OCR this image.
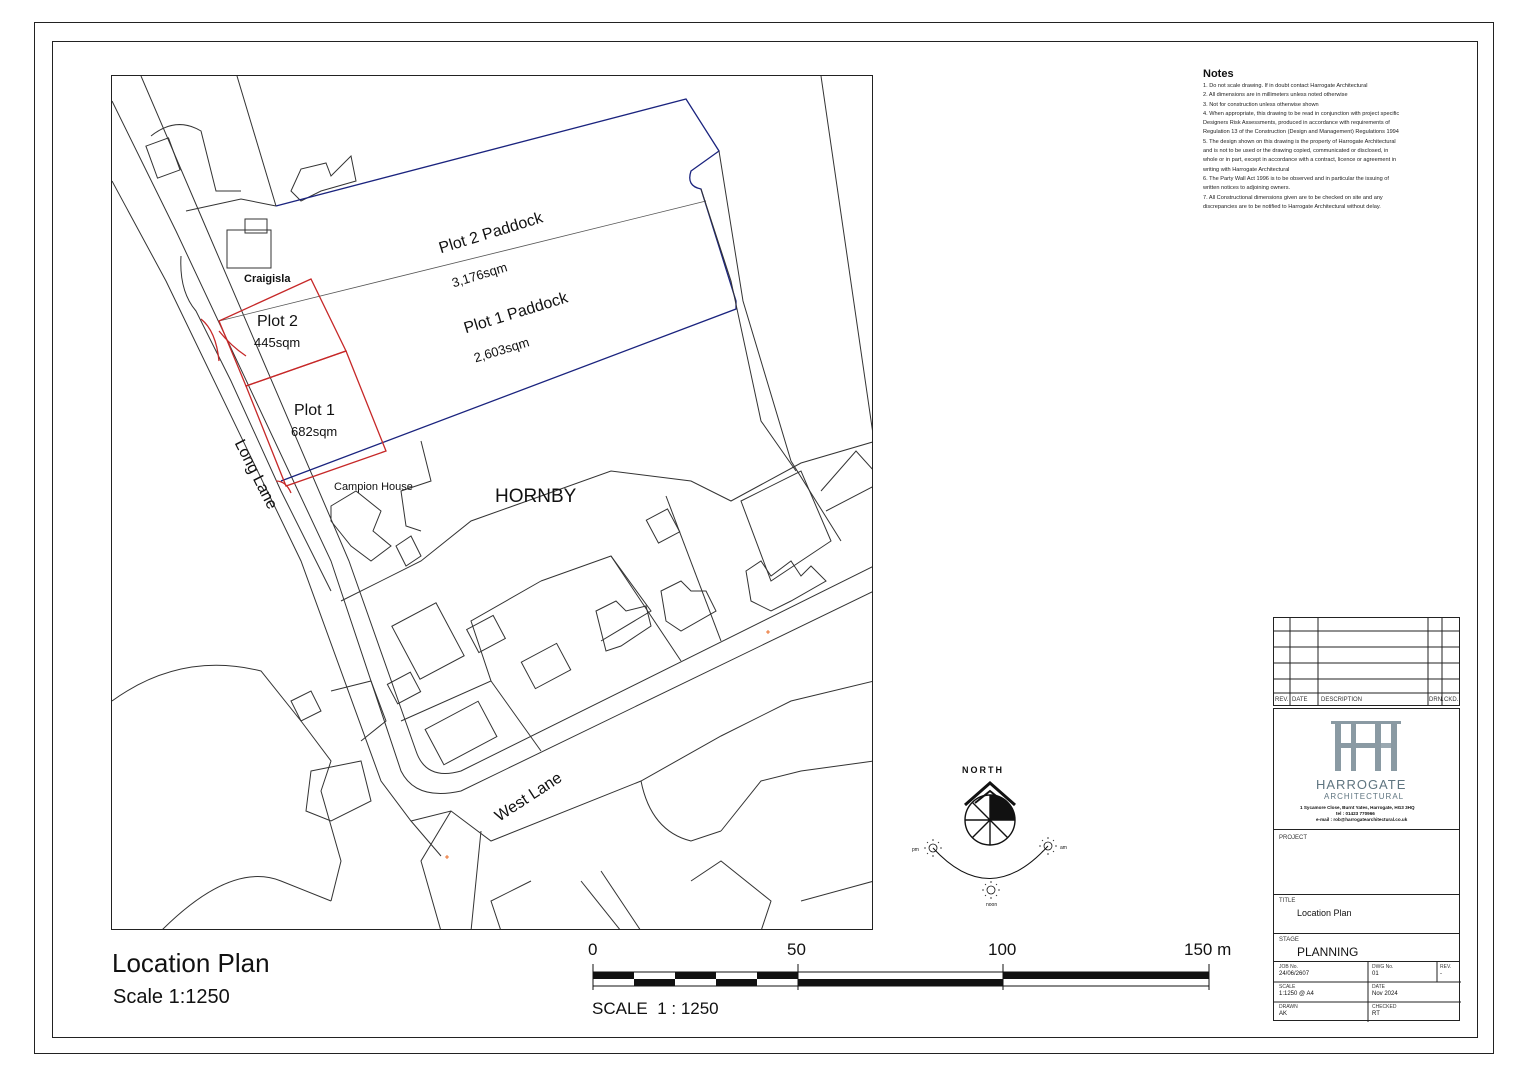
Plot 2 Paddock
3,176sqm
Plot 1 Paddock
2,603sqm
Craigisla
Plot 2
445sqm
Plot 1
682sqm
Campion House	HORNBY
Long Lane
West Lane
Notes
1. Do not scale drawing. If in doubt contact Harrogate Architectural
2. All dimensions are in millimeters unless noted otherwise
3. Not for construction unless otherwise shown
4. When appropriate, this drawing to be read in conjunction with project specific
Designers Risk Assessments, produced in accordance with requirements of
Regulation 13 of the Construction (Design and Management) Regulations 1994
5. The design shown on this drawing is the property of Harrogate Architectural
and is not to be used or the drawing copied, communicated or disclosed, in
whole or in part, except in accordance with a contract, licence or agreement in
writing with Harrogate Architectural
6. The Party Wall Act 1996 is to be observed and in particular the issuing of
written notices to adjoining owners.
7. All Constructional dimensions given are to be checked on site and any
discrepancies are to be notified to Harrogate Architectural without delay.
Location Plan
Scale 1:1250
0	50	100	150 m
SCALE  1 : 1250
NORTH
pm	am
noon
REV. DATE DESCRIPTION	DRN. CKD.
HARROGATE
ARCHITECTURAL
1 Sycamore Close, Burnt Yates, Harrogate, HG3 3HQ
tel : 01423 770966
e-mail : rob@harrogatearchitectural.co.uk
PROJECT
TITLE
Location Plan
STAGE
PLANNING
JOB No.
24/06/2607
DWG No.
01
REV.
-
SCALE
1:1250 @ A4
DATE
Nov 2024
DRAWN
AK
CHECKED
RT
